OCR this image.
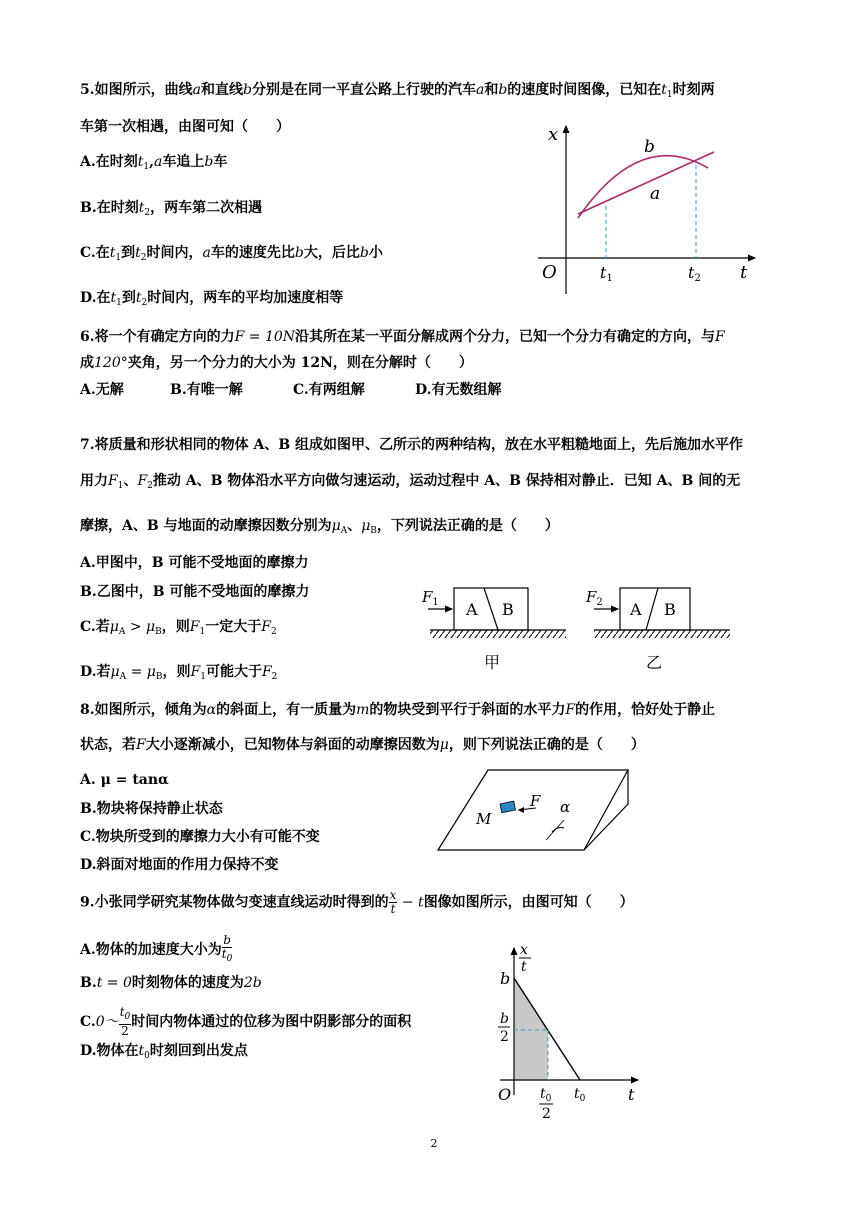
5.如图所示，曲线a和直线b分别是在同一平直公路上行驶的汽车a和b的速度时间图像，已知在$t_1$时刻两
车第一次相遇，由图可知（　　）
A.在时刻$t_1,a$车追上b车
B.在时刻$t_2$，两车第二次相遇
C.在$t_1$到$t_2$时间内，a车的速度先比b大，后比b小
D.在$t_1$到$t_2$时间内，两车的平均加速度相等
x
t
O
b
a
t1	t2
6.将一个有确定方向的力F = 10N沿其所在某一平面分解成两个分力，已知一个分力有确定的方向，与F
成120°夹角，另一个分力的大小为 12N，则在分解时（　　）
A.无解	B.有唯一解	C.有两组解	D.有无数组解
7.将质量和形状相同的物体 A、B 组成如图甲、乙所示的两种结构，放在水平粗糙地面上，先后施加水平作
用力$F_1$、$F_2$推动 A、B 物体沿水平方向做匀速运动，运动过程中 A、B 保持相对静止．已知 A、B 间的无
摩擦，A、B 与地面的动摩擦因数分别为$\mu_A$、$\mu_B$，下列说法正确的是（　　）
A.甲图中，B 可能不受地面的摩擦力
B.乙图中，B 可能不受地面的摩擦力
C.若$\mu_A > \mu_B$，则$F_1$一定大于$F_2$
D.若$\mu_A = \mu_B$，则$F_1$可能大于$F_2$
A B
$F_1$
甲
A B
$F_2$
乙
8.如图所示，倾角为α的斜面上，有一质量为m的物块受到平行于斜面的水平力F的作用，恰好处于静止
状态，若F大小逐渐减小，已知物体与斜面的动摩擦因数为μ，则下列说法正确的是（　　）
A. μ = tanα
B.物块将保持静止状态
C.物块所受到的摩擦力大小有可能不变
D.斜面对地面的作用力保持不变
M
F α
9.小张同学研究某物体做匀变速直线运动时得到的 $\frac{x}{t} - t$图像如图所示，由图可知（　　）
A.物体的加速度大小为 $\frac{b}{t_0}$
B.t = 0时刻物体的速度为2b
C.0～ $\frac{t_0}{2}$ 时间内物体通过的位移为图中阴影部分的面积
D.物体在$t_0$时刻回到出发点
x
t
b
b
2
O $t_0$
2
$t_0$	t
2
